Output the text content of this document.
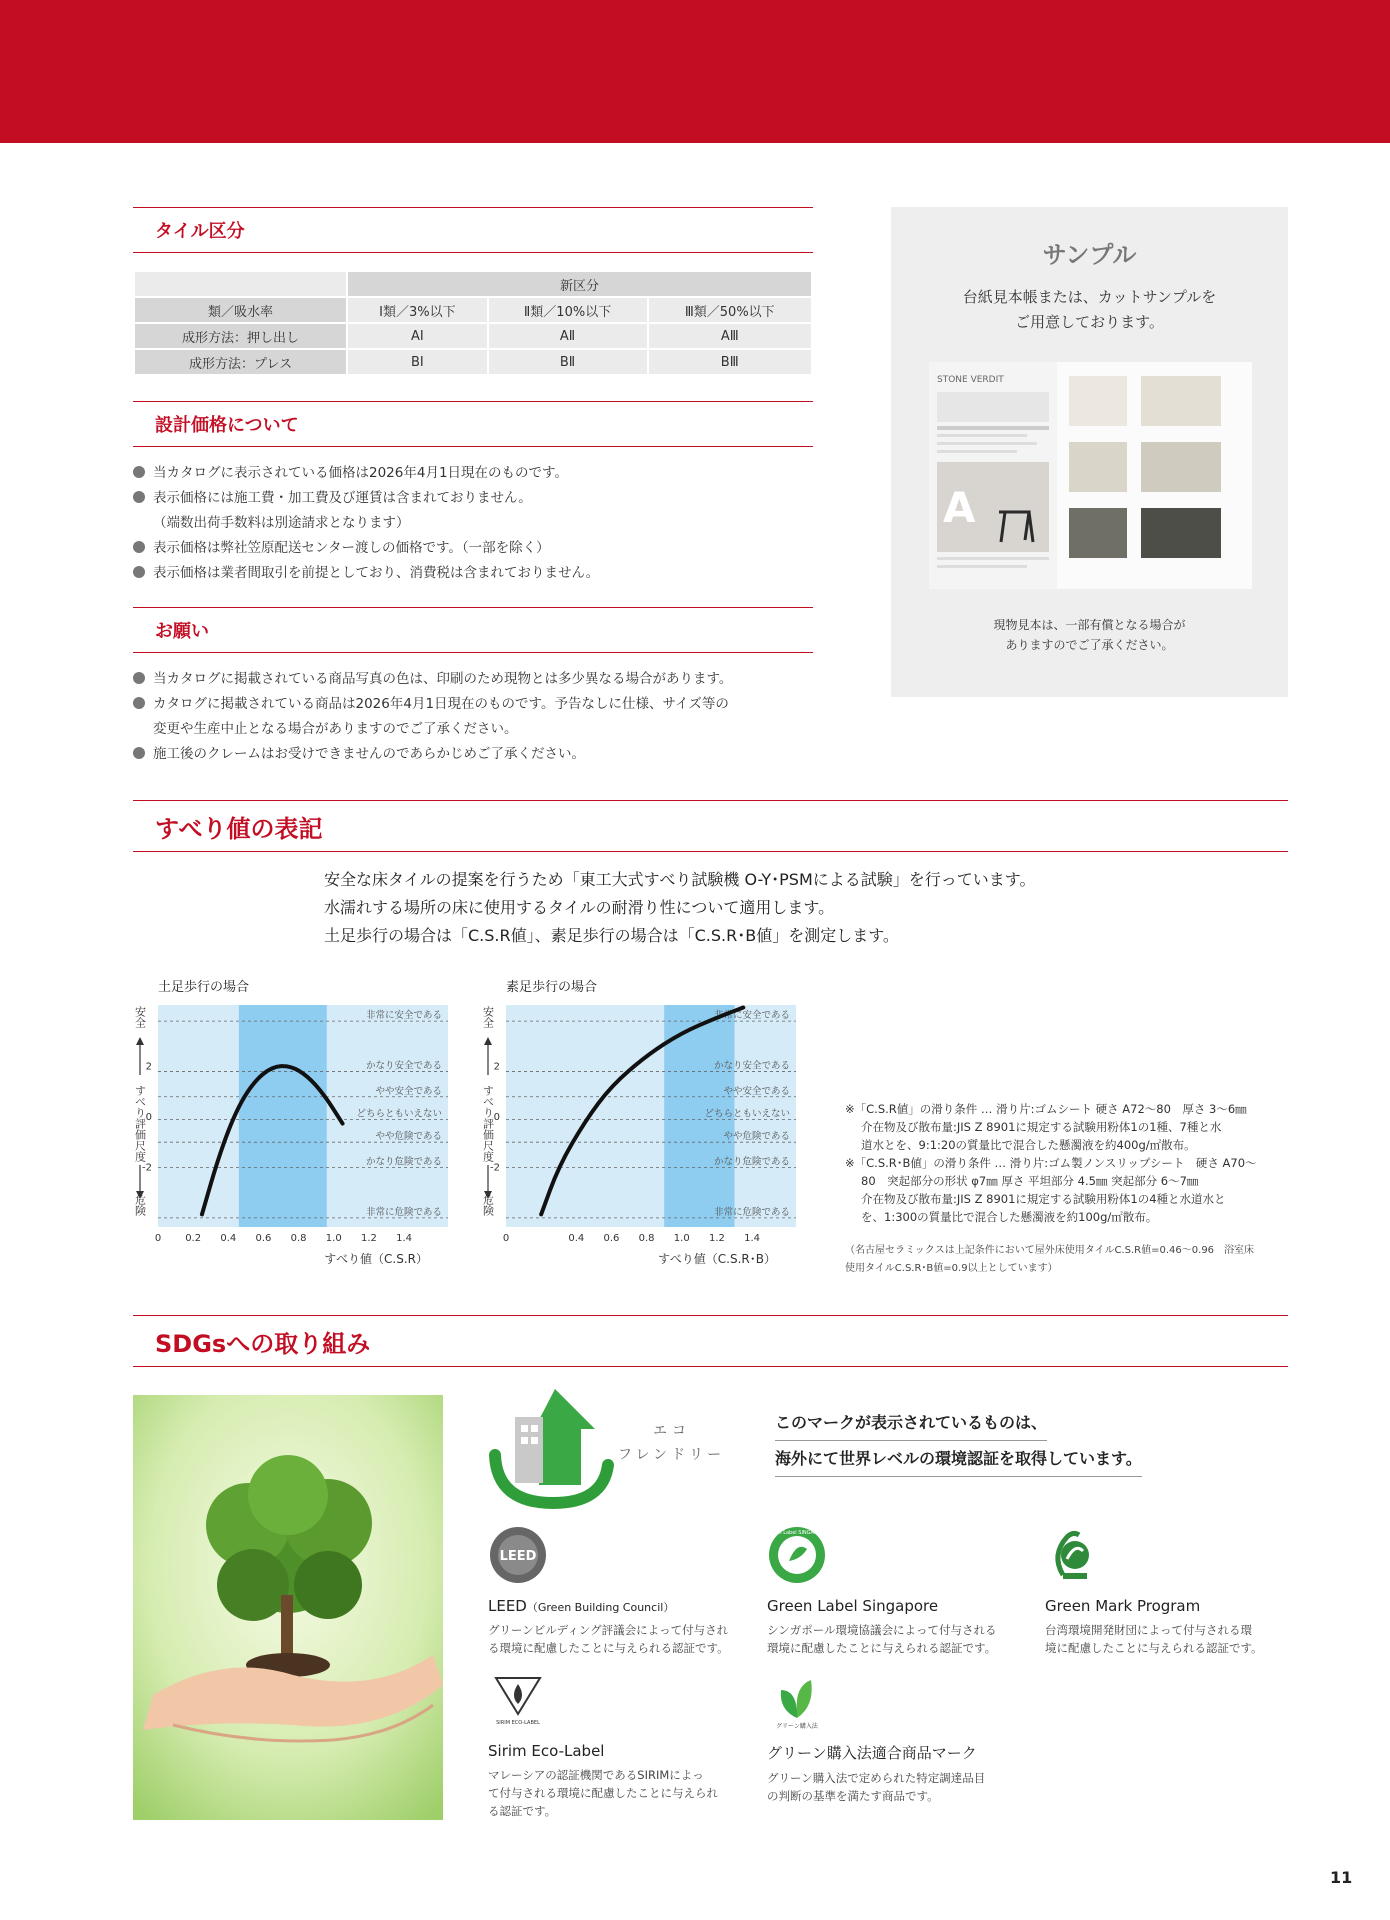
タイル区分
	新区分		
類／吸水率	Ⅰ類／3%以下	Ⅱ類／10%以下	Ⅲ類／50%以下
成形方法：押し出し	AⅠ	AⅡ	AⅢ
成形方法：プレス	BⅠ	BⅡ	BⅢ
設計価格について
当カタログに表示されている価格は2026年4月1日現在のものです。
表示価格には施工費・加工費及び運賃は含まれておりません。
（端数出荷手数料は別途請求となります）
表示価格は弊社笠原配送センター渡しの価格です。（一部を除く）
表示価格は業者間取引を前提としており、消費税は含まれておりません。
お願い
当カタログに掲載されている商品写真の色は、印刷のため現物とは多少異なる場合があります。
カタログに掲載されている商品は2026年4月1日現在のものです。予告なしに仕様、サイズ等の
変更や生産中止となる場合がありますのでご了承ください。
施工後のクレームはお受けできませんのであらかじめご了承ください。
サンプル
台紙見本帳または、カットサンプルを
ご用意しております。
STONE VERDIT
A
現物見本は、一部有償となる場合が
ありますのでご了承ください。
すべり値の表記
安全な床タイルの提案を行うため「東工大式すべり試験機 O-Y･PSMによる試験」を行っています。
水濡れする場所の床に使用するタイルの耐滑り性について適用します。
土足歩行の場合は「C.S.R値」、素足歩行の場合は「C.S.R･B値」を測定します。
土足歩行の場合
非常に安全である
かなり安全である
やや安全である
どちらともいえない
やや危険である
かなり危険である
非常に危険である
2
0
-2
0 0.2 0.4 0.6 0.8 1.0 1.2 1.4
すべり値（C.S.R）
安全
すべり評価尺度
危険
素足歩行の場合
非常に安全である
かなり安全である
やや安全である
どちらともいえない
やや危険である
かなり危険である
非常に危険である
2
0
-2
0	0.4 0.6 0.8 1.0 1.2 1.4
すべり値（C.S.R･B）
安全
すべり評価尺度
危険
※「C.S.R値」の滑り条件 … 滑り片:ゴムシート 硬さ A72～80　厚さ 3～6㎜
介在物及び散布量:JIS Z 8901に規定する試験用粉体1の1種、7種と水
道水とを、9:1:20の質量比で混合した懸濁液を約400g/㎡散布。
※「C.S.R･B値」の滑り条件 … 滑り片:ゴム製ノンスリップシート　硬さ A70～
80　突起部分の形状 φ7㎜ 厚さ 平坦部分 4.5㎜ 突起部分 6～7㎜
介在物及び散布量:JIS Z 8901に規定する試験用粉体1の4種と水道水と
を、1:300の質量比で混合した懸濁液を約100g/㎡散布。
（名古屋セラミックスは上記条件において屋外床使用タイルC.S.R値=0.46～0.96　浴室床
使用タイルC.S.R･B値=0.9以上としています）
SDGsへの取り組み
エコ
フレンドリー
このマークが表示されているものは、 海外にて世界レベルの環境認証を取得しています。
LEED
LEED（Green Building Council）
グリーンビルディング評議会によって付与され
る環境に配慮したことに与えられる認証です。
Green Label SINGAPORE
Green Label Singapore
シンガポール環境協議会によって付与される
環境に配慮したことに与えられる認証です。
Green Mark Program
台湾環境開発財団によって付与される環
境に配慮したことに与えられる認証です。
SIRIM ECO-LABEL
Sirim Eco-Label
マレーシアの認証機関であるSIRIMによっ
て付与される環境に配慮したことに与えられ
る認証です。
グリーン購入法
グリーン購入法適合商品マーク
グリーン購入法で定められた特定調達品目
の判断の基準を満たす商品です。
11
